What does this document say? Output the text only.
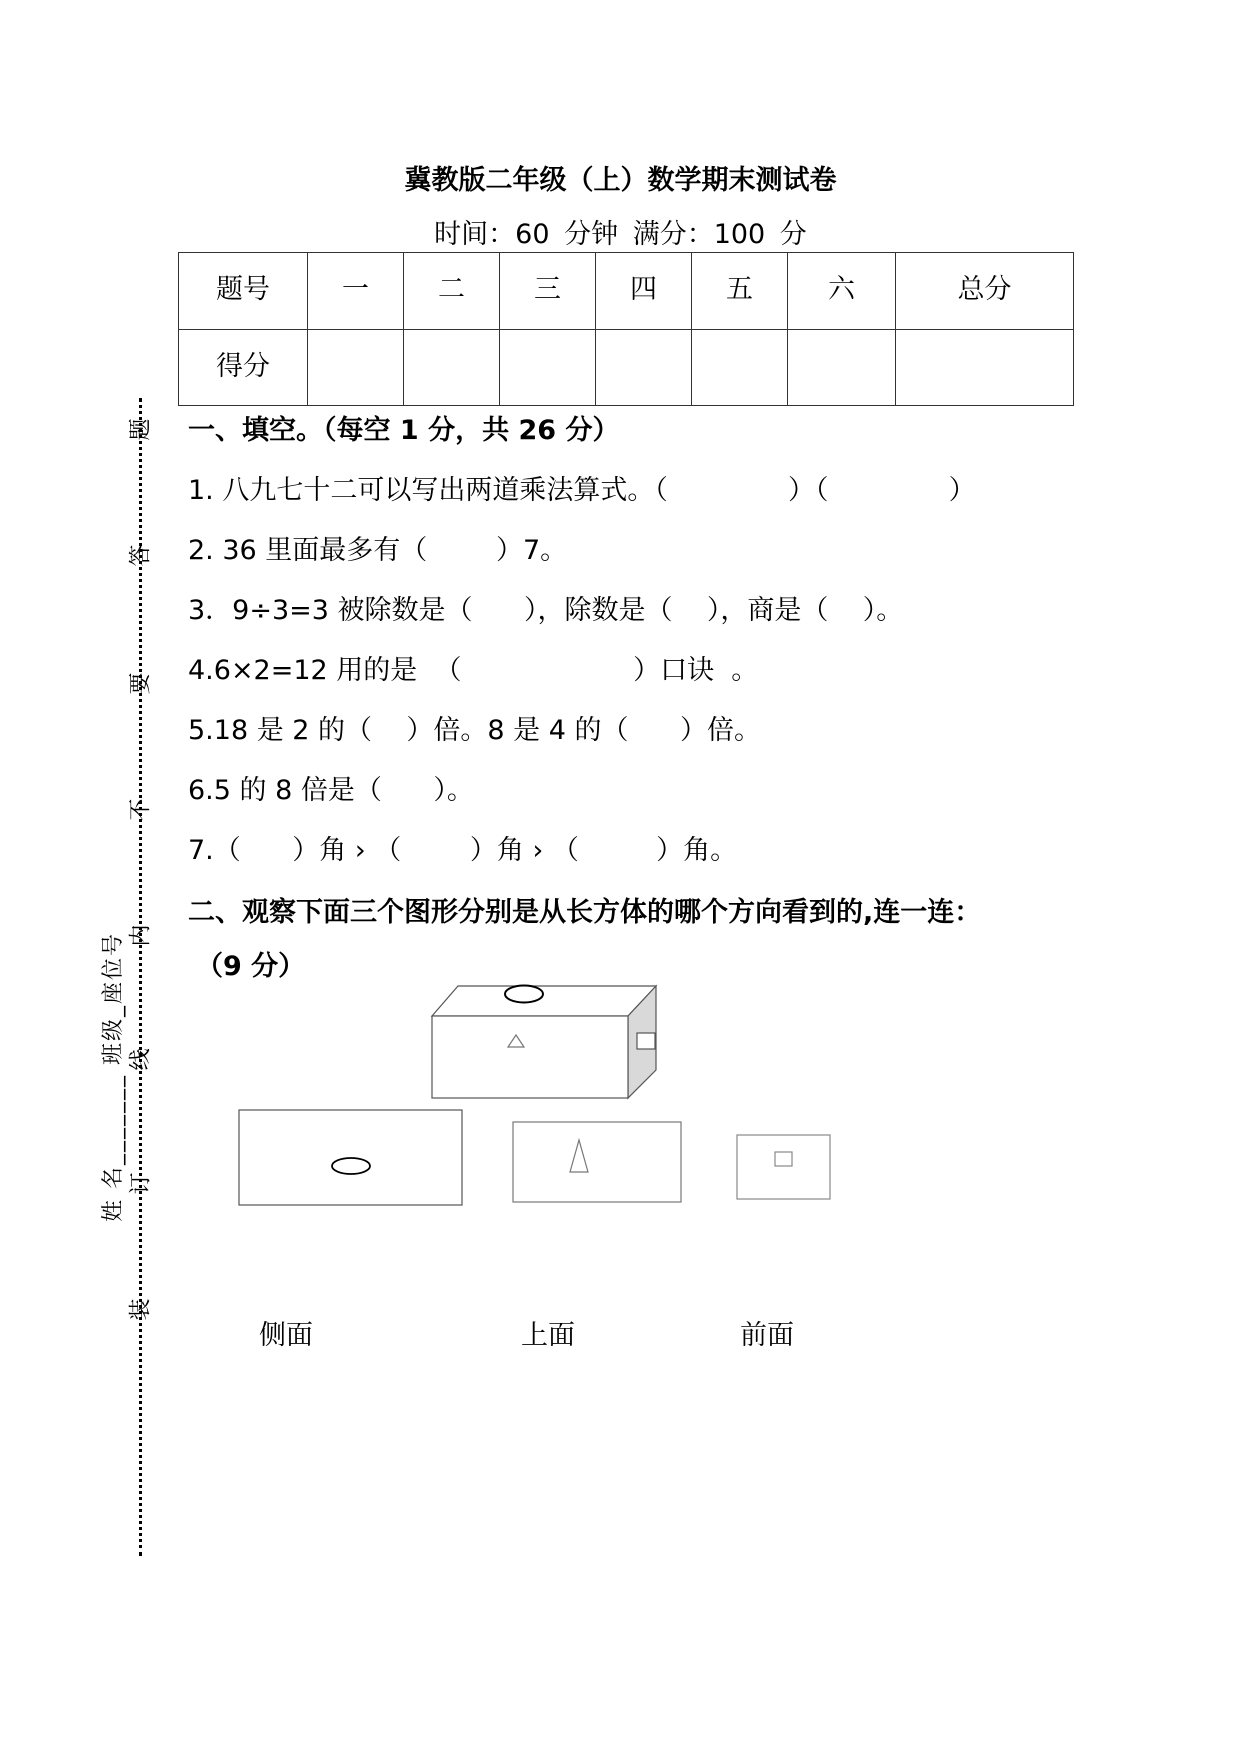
冀教版二年级（上）数学期末测试卷
时间：60 分钟 满分：100 分
题号	一	二	三	四	五	六	总分
得分							
姓 名_______ 班级_座位号
题
答
要
不
内
线
订
装
一、填空。（每空 1 分，共 26 分）
1. 八九七十二可以写出两道乘法算式。（              ）（              ）
2. 36 里面最多有（        ）7。
3．9÷3=3 被除数是（      ），除数是（    ），商是（    ）。
4.6×2=12 用的是  （                    ）口诀  。
5.18 是 2 的（    ）倍。8 是 4 的（      ）倍。
6.5 的 8 倍是（      ）。
7.（      ）角 › （        ）角 › （         ）角。
二、观察下面三个图形分别是从长方体的哪个方向看到的,连一连：
（9 分）
侧面	上面	前面
